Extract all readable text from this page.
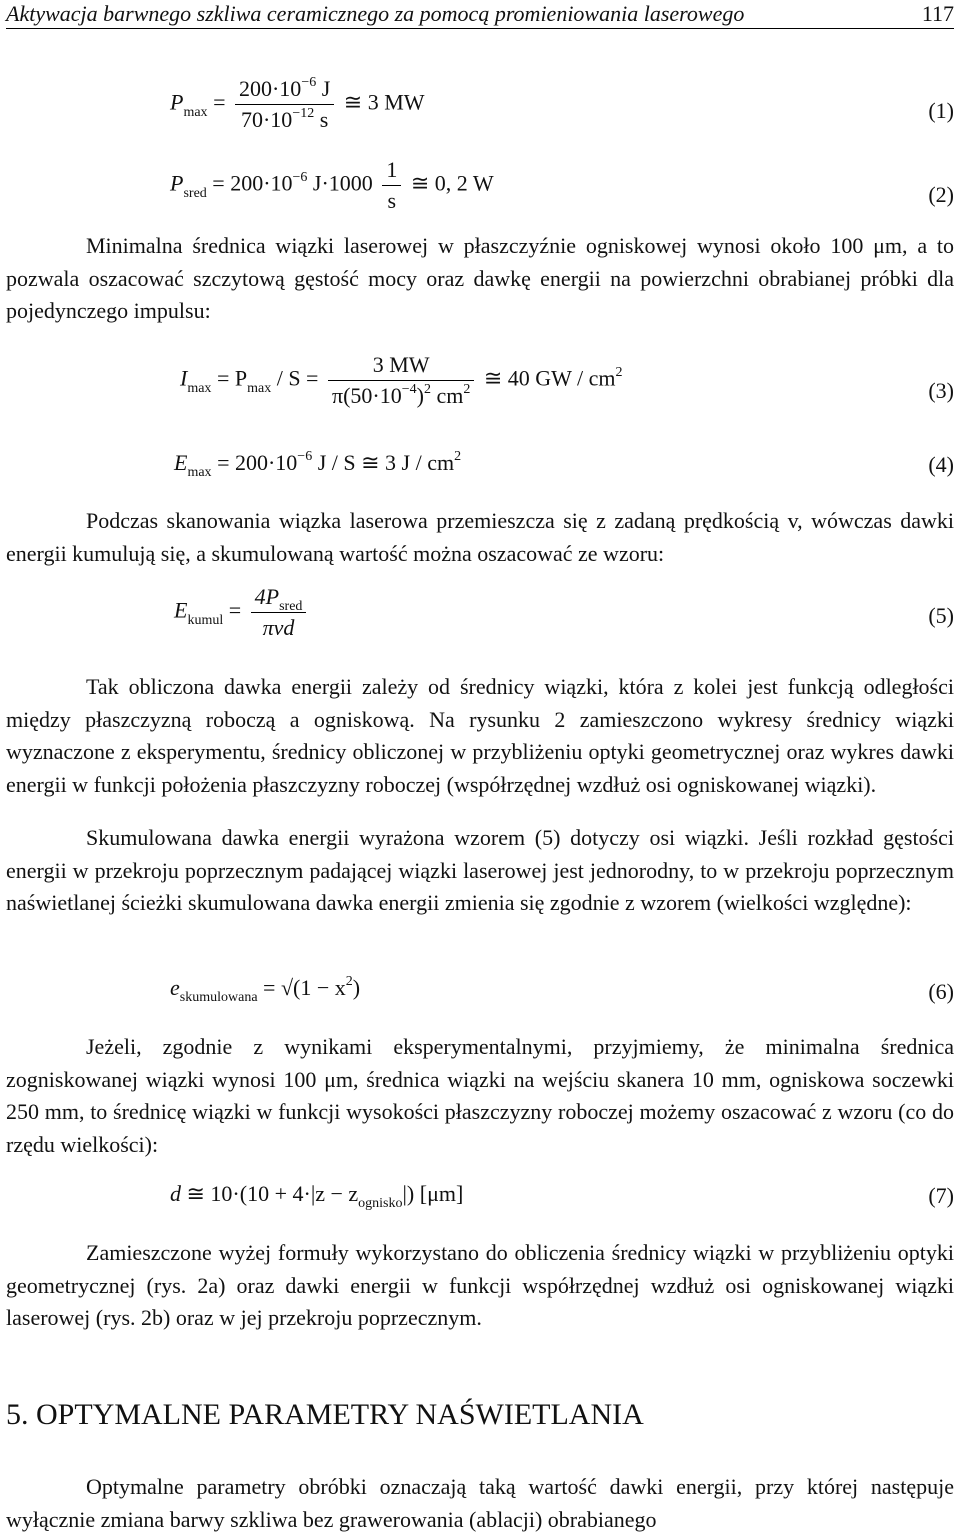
Aktywacja barwnego szkliwa ceramicznego za pomocą promieniowania laserowego	117
$P_{max} = \frac{200\cdot 10^{-6} J}{70\cdot 10^{-12} s}$ ≅ 3 MW	(1)
$P_{sred} = 200\cdot 10^{-6}$ $J\cdot 1000 \frac{1}{s}$ ≅ 0, 2 W	(2)

Minimalna średnica wiązki laserowej w płaszczyźnie ogniskowej wynosi około 100 μm, a to pozwala oszacować szczytową gęstość mocy oraz dawkę energii na powierzchni obrabianej próbki dla pojedynczego impulsu:

$I_{max} = P_{max} / S = \frac{3 MW}{\pi(50\cdot 10^{-4})^2 cm^2}$ ≅ 40 GW / $cm^2$
(3)
$E_{max} = 200\cdot 10^{-6}$ J / S ≅ 3 J / $cm^2$	(4)

Podczas skanowania wiązka laserowa przemieszcza się z zadaną prędkością v, wówczas dawki energii kumulują się, a skumulowaną wartość można oszacować ze wzoru:

$E_{kumul} = \frac{4P_{sred}}{\text{πvd}}$	(5)

Tak obliczona dawka energii zależy od średnicy wiązki, która z kolei jest funkcją odległości między płaszczyzną roboczą a ogniskową. Na rysunku 2 zamieszczono wykresy średnicy wiązki wyznaczone z eksperymentu, średnicy obliczonej w przybliżeniu optyki geometrycznej oraz wykres dawki energii w funkcji położenia płaszczyzny roboczej (współrzędnej wzdłuż osi ogniskowanej wiązki).

Skumulowana dawka energii wyrażona wzorem (5) dotyczy osi wiązki. Jeśli rozkład gęstości energii w przekroju poprzecznym padającej wiązki laserowej jest jednorodny, to w przekroju poprzecznym naświetlanej ścieżki skumulowana dawka energii zmienia się zgodnie z wzorem (wielkości względne):

$e_{skumulowana} = √(1 - x^2)$	(6)

Jeżeli, zgodnie z wynikami eksperymentalnymi, przyjmiemy, że minimalna średnica zogniskowanej wiązki wynosi 100 μm, średnica wiązki na wejściu skanera 10 mm, ogniskowa soczewki 250 mm, to średnicę wiązki w funkcji wysokości płaszczyzny roboczej możemy oszacować z wzoru (co do rzędu wielkości):

d ≅ $10\cdot(10 + 4\cdot|z - z_{ognisko}|)$ [μm]	(7)

Zamieszczone wyżej formuły wykorzystano do obliczenia średnicy wiązki w przybliżeniu optyki geometrycznej (rys. 2a) oraz dawki energii w funkcji współrzędnej wzdłuż osi ogniskowanej wiązki laserowej (rys. 2b) oraz w jej przekroju poprzecznym.

5. OPTYMALNE PARAMETRY NAŚWIETLANIA

Optymalne parametry obróbki oznaczają taką wartość dawki energii, przy której następuje wyłącznie zmiana barwy szkliwa bez grawerowania (ablacji) obrabianego
